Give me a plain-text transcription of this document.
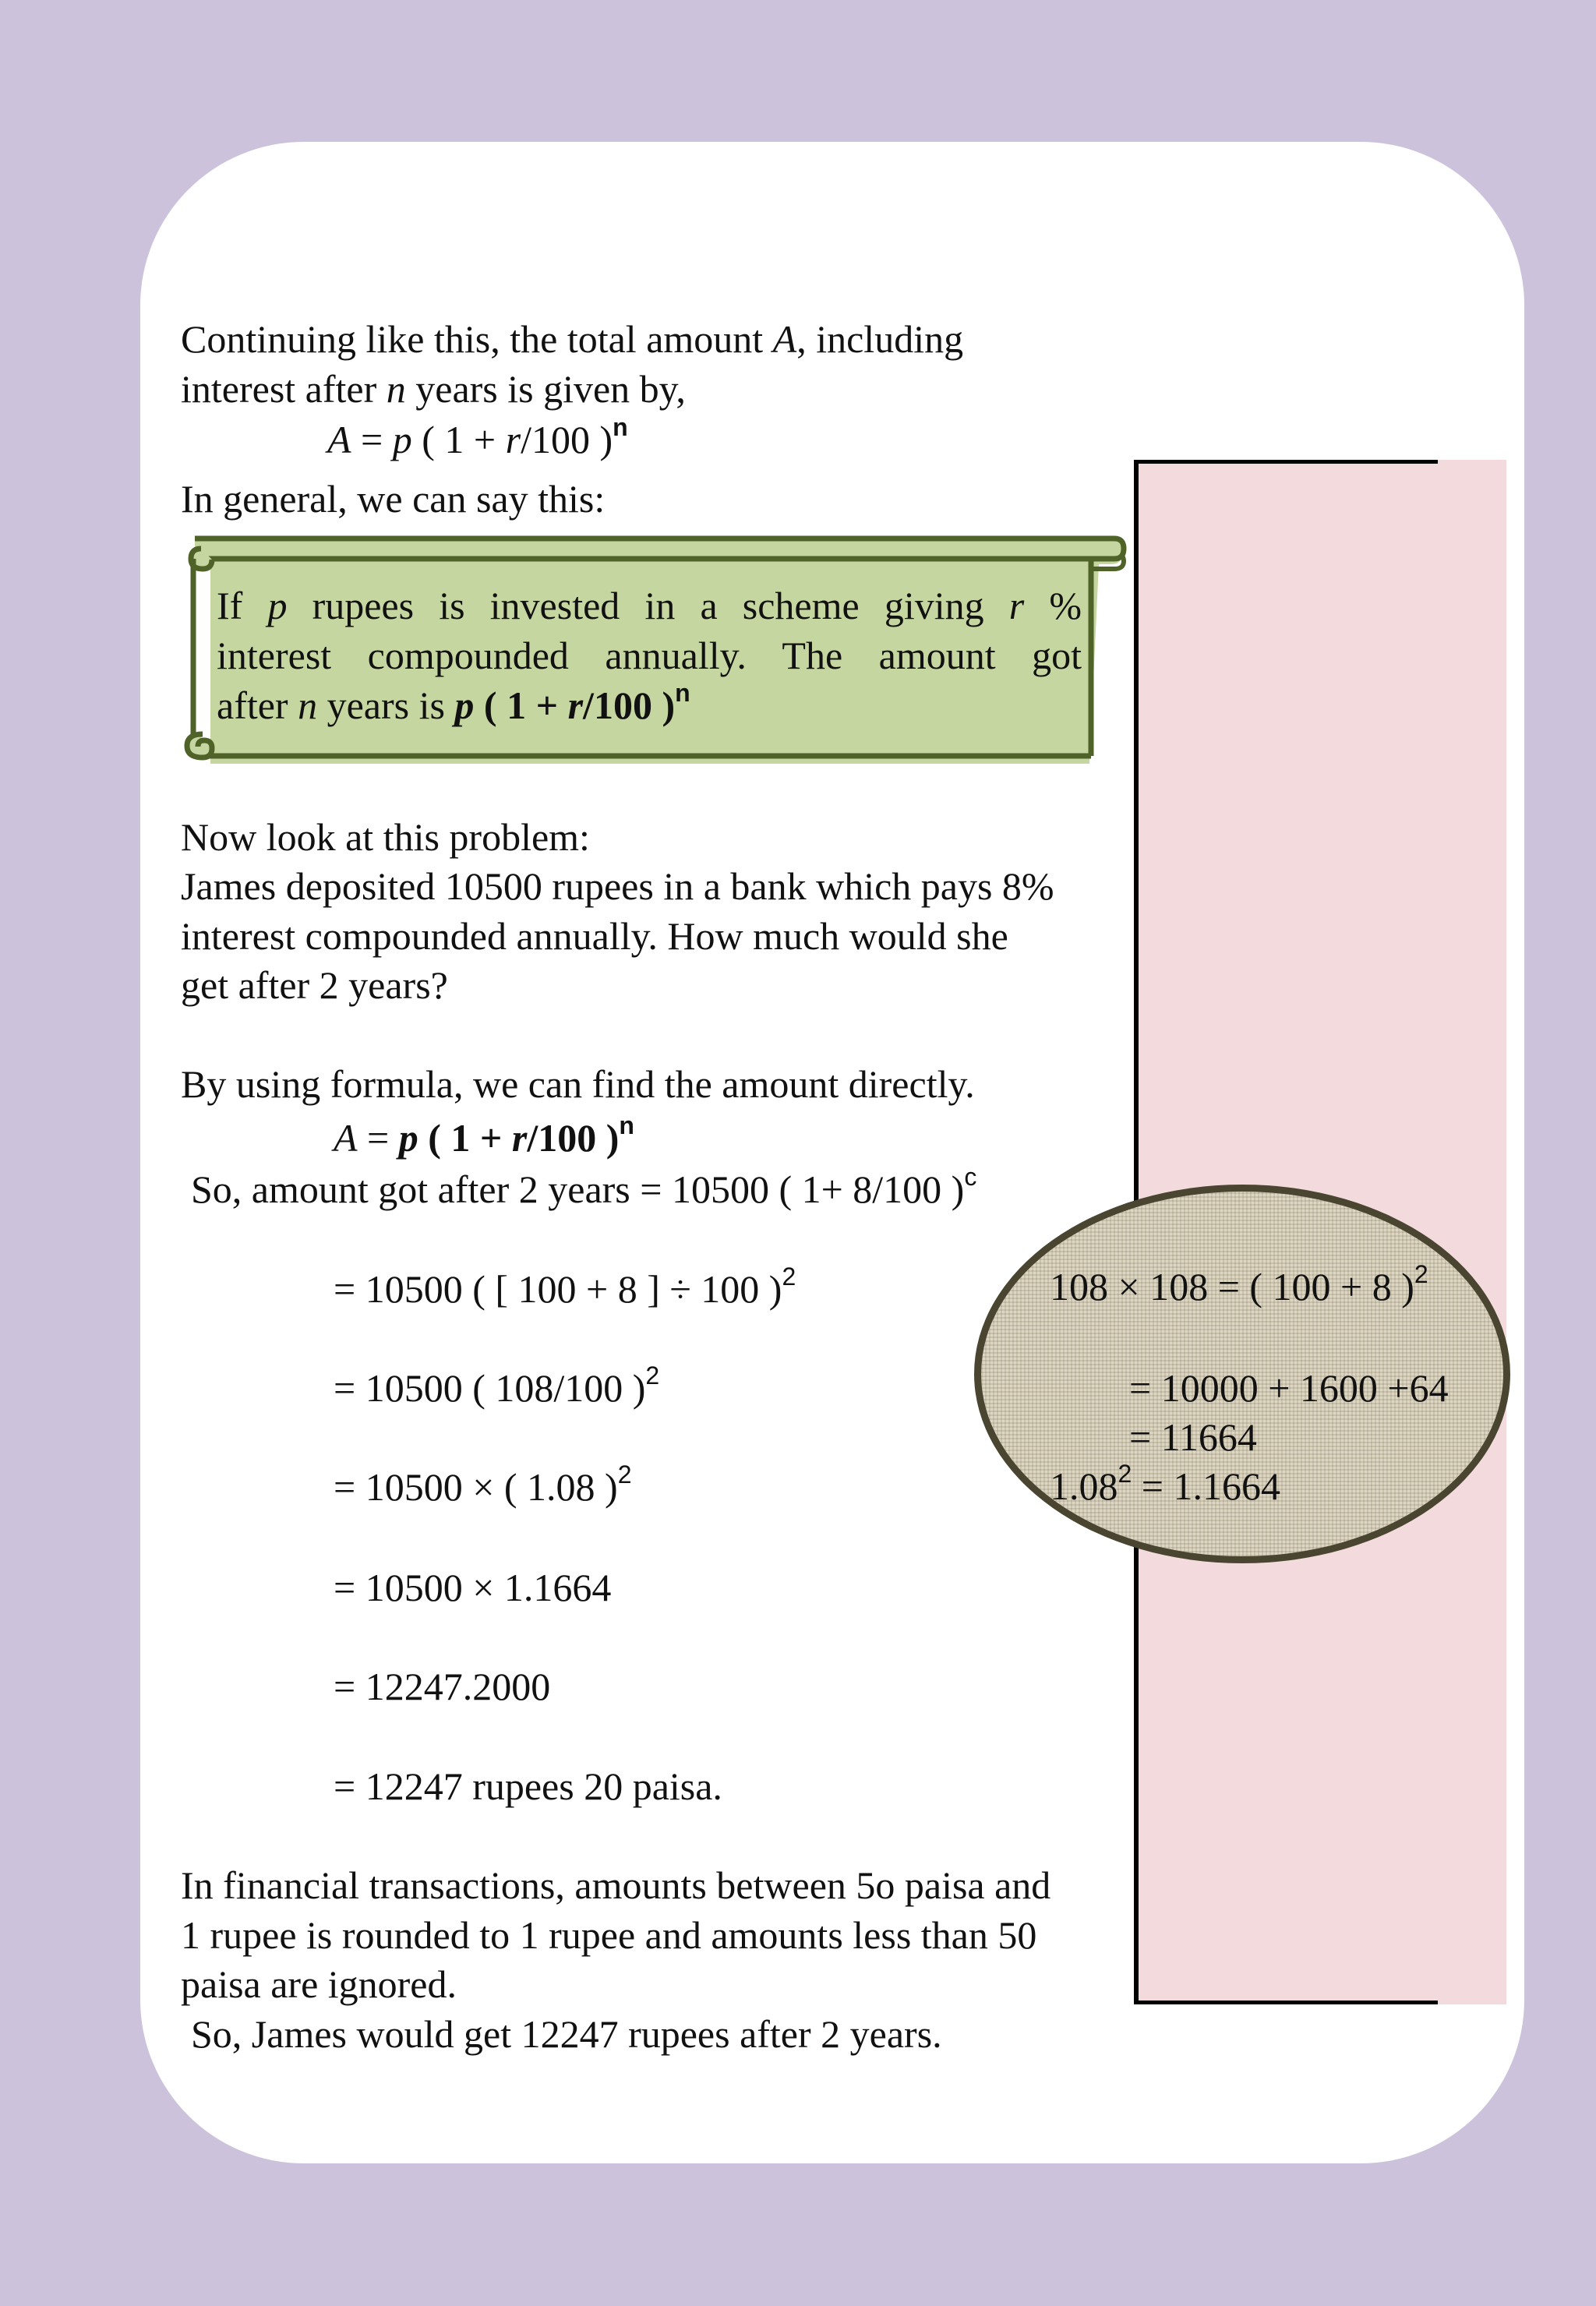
Continuing like this, the total amount A, including

interest after n years is given by,

A = p ( 1 + r/100 )$^n$

In general, we can say this:

If p rupees is invested in a scheme giving r %

interest compounded annually. The amount got

after n years is p ( 1 + r/100 )$^n$

Now look at this problem:

James deposited 10500 rupees in a bank which pays 8%

interest compounded annually. How much would she

get after 2 years?

By using formula, we can find the amount directly.

A = p ( 1 + r/100 )$^n$

So, amount got after 2 years = 10500 ( 1+ 8/100 )$^c$

= 10500 ( [ 100 + 8 ] ÷ 100 )$^2$

= 10500 ( 108/100 )$^2$

= 10500 × ( 1.08 )$^2$

= 10500 × 1.1664

= 12247.2000

= 12247 rupees 20 paisa.

In financial transactions, amounts between 5o paisa and

1 rupee is rounded to 1 rupee and amounts less than 50

paisa are ignored.

So, James would get 12247 rupees after 2 years.

108 × 108 = ( 100 + 8 )$^2$
= 10000 + 1600 +64
= 11664
$1.08^2 = 1.1664$
